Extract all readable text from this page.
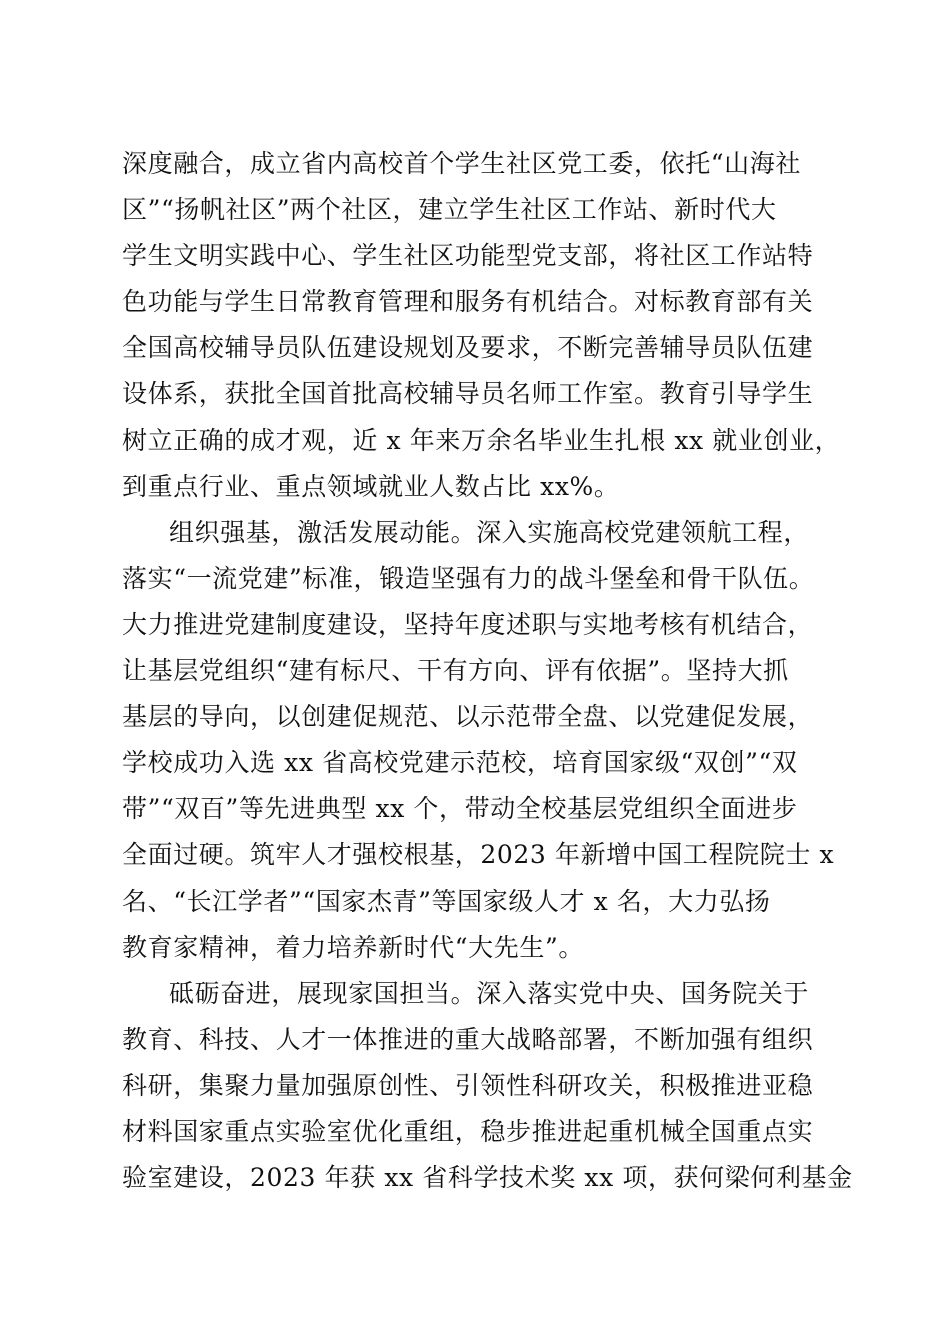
深度融合，成立省内高校首个学生社区党工委，依托“山海社
区”“扬帆社区”两个社区，建立学生社区工作站、新时代大
学生文明实践中心、学生社区功能型党支部，将社区工作站特
色功能与学生日常教育管理和服务有机结合。对标教育部有关
全国高校辅导员队伍建设规划及要求，不断完善辅导员队伍建
设体系，获批全国首批高校辅导员名师工作室。教育引导学生
树立正确的成才观，近 x 年来万余名毕业生扎根 xx 就业创业，
到重点行业、重点领域就业人数占比 xx%。
组织强基，激活发展动能。深入实施高校党建领航工程，
落实“一流党建”标准，锻造坚强有力的战斗堡垒和骨干队伍。
大力推进党建制度建设，坚持年度述职与实地考核有机结合，
让基层党组织“建有标尺、干有方向、评有依据”。坚持大抓
基层的导向，以创建促规范、以示范带全盘、以党建促发展，
学校成功入选 xx 省高校党建示范校，培育国家级“双创”“双
带”“双百”等先进典型 xx 个，带动全校基层党组织全面进步
全面过硬。筑牢人才强校根基，2023 年新增中国工程院院士 x
名、“长江学者”“国家杰青”等国家级人才 x 名，大力弘扬
教育家精神，着力培养新时代“大先生”。
砥砺奋进，展现家国担当。深入落实党中央、国务院关于
教育、科技、人才一体推进的重大战略部署，不断加强有组织
科研，集聚力量加强原创性、引领性科研攻关，积极推进亚稳
材料国家重点实验室优化重组，稳步推进起重机械全国重点实
验室建设，2023 年获 xx 省科学技术奖 xx 项，获何梁何利基金
